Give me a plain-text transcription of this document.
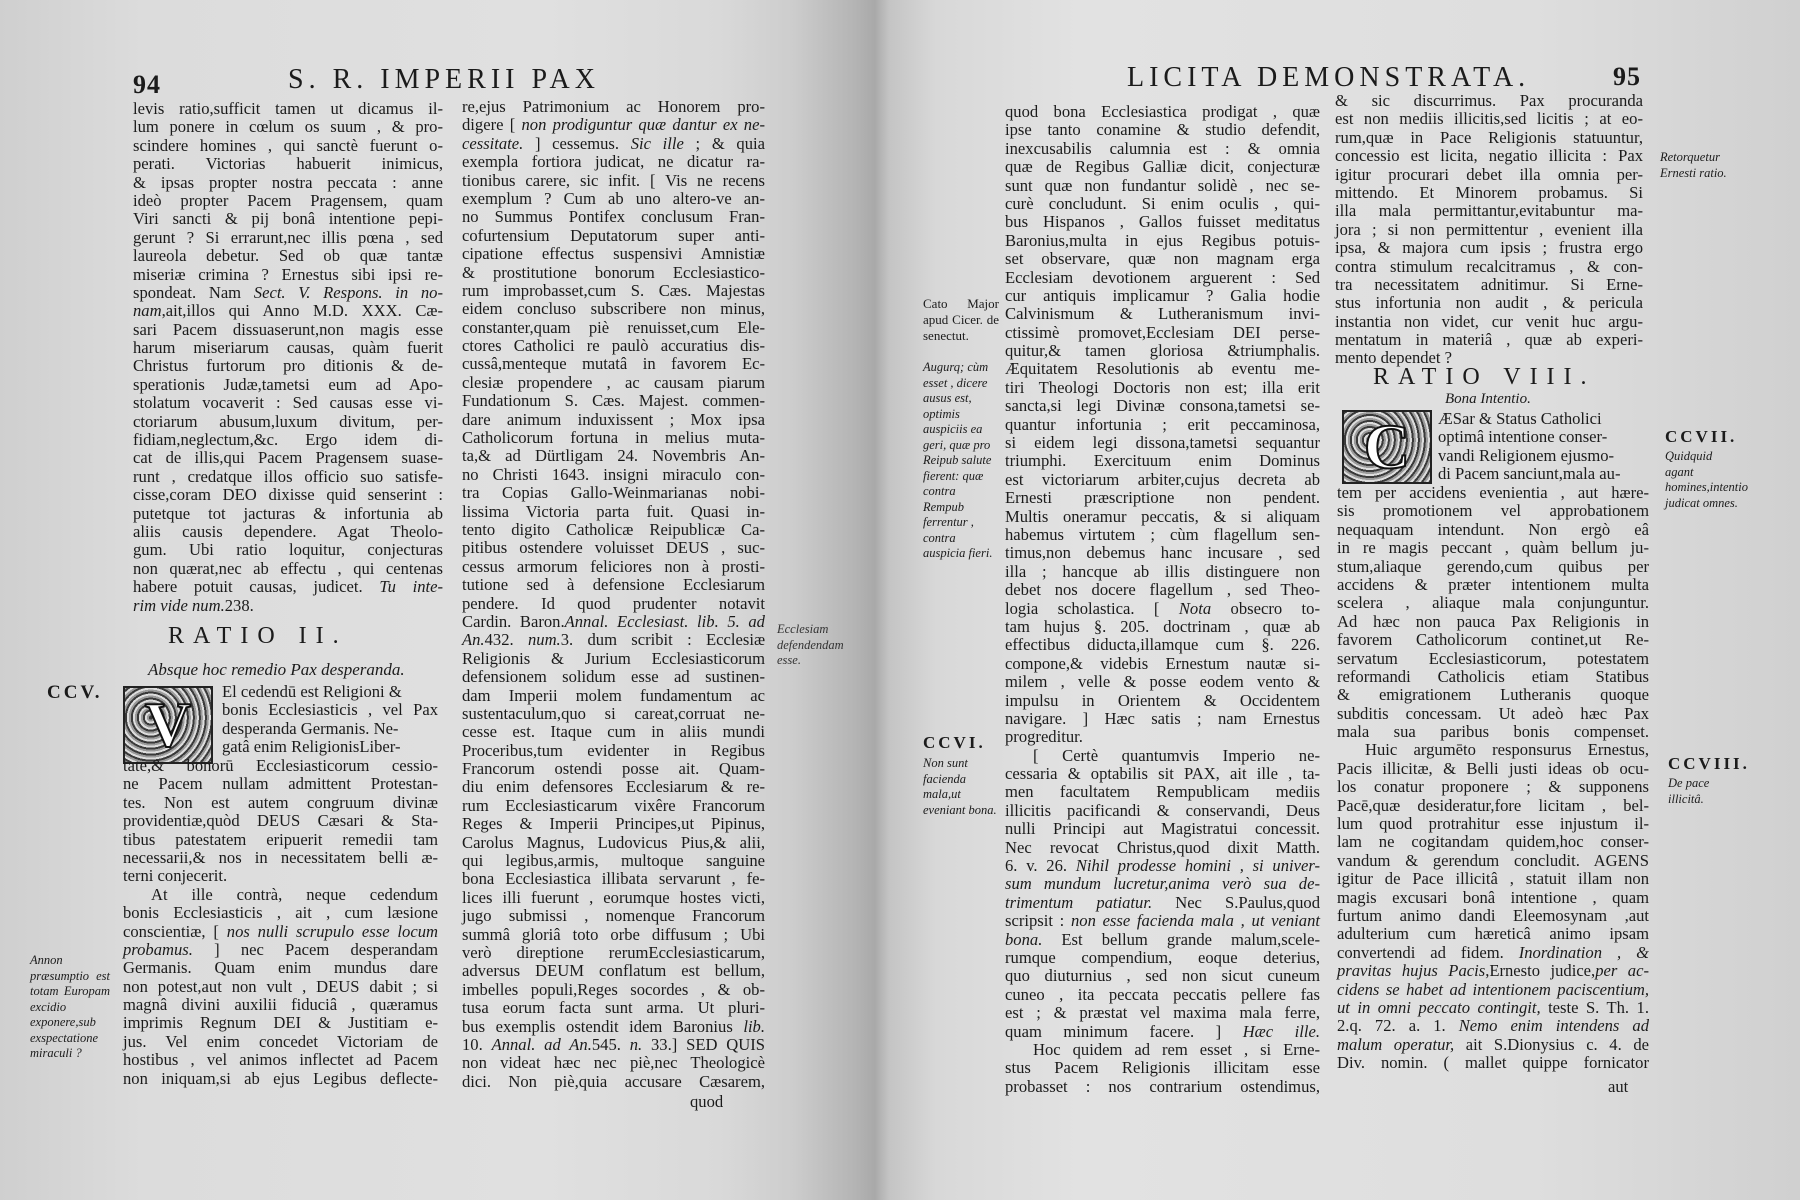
94	S. R. IMPERII PAX
levis ratio,sufficit tamen ut dicamus il-
lum ponere in cœlum os suum , & pro-
scindere homines , qui sanctè fuerunt o-
perati. Victorias habuerit inimicus,
& ipsas propter nostra peccata : anne
ideò propter Pacem Pragensem, quam
Viri sancti & pij bonâ intentione pepi-
gerunt ? Si errarunt,nec illis pœna , sed
laureola debetur. Sed ob quæ tantæ
miseriæ crimina ? Ernestus sibi ipsi re-
spondeat. Nam Sect. V. Respons. in no-
nam,ait,illos qui Anno M.D. XXX. Cæ-
sari Pacem dissuaserunt,non magis esse
harum miseriarum causas, quàm fuerit
Christus furtorum pro ditionis & de-
sperationis Judæ,tametsi eum ad Apo-
stolatum vocaverit : Sed causas esse vi-
ctoriarum abusum,luxum divitum, per-
fidiam,neglectum,&c. Ergo idem di-
cat de illis,qui Pacem Pragensem suase-
runt , credatque illos officio suo satisfe-
cisse,coram DEO dixisse quid senserint :
putetque tot jacturas & infortunia ab
aliis causis dependere. Agat Theolo-
gum. Ubi ratio loquitur, conjecturas
non quærat,nec ab effectu , qui centenas
habere potuit causas, judicet. Tu inte-
rim vide num.238.
RATIO II.
Absque hoc remedio Pax desperanda.
CCV. V El cedendū est Religioni &
bonis Ecclesiasticis , vel Pax
desperanda Germanis. Ne-
gatâ enim ReligionisLiber-
tate,& bonorū Ecclesiasticorum cessio-
ne Pacem nullam admittent Protestan-
tes. Non est autem congruum divinæ
providentiæ,quòd DEUS Cæsari & Sta-
tibus patestatem eripuerit remedii tam
necessarii,& nos in necessitatem belli æ-
terni conjecerit.
At ille contrà, neque cedendum
bonis Ecclesiasticis , ait , cum læsione
conscientiæ, [ nos nulli scrupulo esse locum
probamus. ] nec Pacem desperandam
Germanis. Quam enim mundus dare
non potest,aut non vult , DEUS dabit ; si
magnâ divini auxilii fiduciâ , quæramus
imprimis Regnum DEI & Justitiam e-
jus. Vel enim concedet Victoriam de
hostibus , vel animos inflectet ad Pacem
non iniquam,si ab ejus Legibus deflecte-
re,ejus Patrimonium ac Honorem pro-
digere [ non prodiguntur quæ dantur ex ne-
cessitate. ] cessemus. Sic ille ; & quia
exempla fortiora judicat, ne dicatur ra-
tionibus carere, sic infit. [ Vis ne recens
exemplum ? Cum ab uno altero-ve an-
no Summus Pontifex conclusum Fran-
cofurtensium Deputatorum super anti-
cipatione effectus suspensivi Amnistiæ
& prostitutione bonorum Ecclesiastico-
rum improbasset,cum S. Cæs. Majestas
eidem concluso subscribere non minus,
constanter,quam piè renuisset,cum Ele-
ctores Catholici re paulò accuratius dis-
cussâ,menteque mutatâ in favorem Ec-
clesiæ propendere , ac causam piarum
Fundationum S. Cæs. Majest. commen-
dare animum induxissent ; Mox ipsa
Catholicorum fortuna in melius muta-
ta,& ad Dürtligam 24. Novembris An-
no Christi 1643. insigni miraculo con-
tra Copias Gallo-Weinmarianas nobi-
lissima Victoria parta fuit. Quasi in-
tento digito Catholicæ Reipublicæ Ca-
pitibus ostendere voluisset DEUS , suc-
cessus armorum feliciores non à prosti-
tutione sed à defensione Ecclesiarum
pendere. Id quod prudenter notavit
Cardin. Baron.Annal. Ecclesiast. lib. 5. ad
An.432. num.3. dum scribit : Ecclesiæ
Religionis & Jurium Ecclesiasticorum
defensionem solidum esse ad sustinen-
dam Imperii molem fundamentum ac
sustentaculum,quo si careat,corruat ne-
cesse est. Itaque cum in aliis mundi
Proceribus,tum evidenter in Regibus
Francorum ostendi posse ait. Quam-
diu enim defensores Ecclesiarum & re-
rum Ecclesiasticarum vixêre Francorum
Reges & Imperii Principes,ut Pipinus,
Carolus Magnus, Ludovicus Pius,& alii,
qui legibus,armis, multoque sanguine
bona Ecclesiastica illibata servarunt , fe-
lices illi fuerunt , eorumque hostes victi,
jugo submissi , nomenque Francorum
summâ gloriâ toto orbe diffusum ; Ubi
verò direptione rerumEcclesiasticarum,
adversus DEUM conflatum est bellum,
imbelles populi,Reges socordes , & ob-
tusa eorum facta sunt arma. Ut pluri-
bus exemplis ostendit idem Baronius lib.
10. Annal. ad An.545. n. 33.] SED QUIS
non videat hæc nec piè,nec Theologicè
dici. Non piè,quia accusare Cæsarem,
quod
Ecclesiam defendendam esse.
Annon præsumptio est totam Europam excidio exponere,sub exspectatione miraculi ?
LICITA DEMONSTRATA.	95
quod bona Ecclesiastica prodigat , quæ
ipse tanto conamine & studio defendit,
inexcusabilis calumnia est : & omnia
quæ de Regibus Galliæ dicit, conjecturæ
sunt quæ non fundantur solidè , nec se-
curè concludunt. Si enim oculis , qui-
bus Hispanos , Gallos fuisset meditatus
Baronius,multa in ejus Regibus potuis-
set observare, quæ non magnam erga
Ecclesiam devotionem arguerent : Sed
cur antiquis implicamur ? Galia hodie
Calvinismum & Lutheranismum invi-
ctissimè promovet,Ecclesiam DEI perse-
quitur,& tamen gloriosa &triumphalis.
Æquitatem Resolutionis ab eventu me-
tiri Theologi Doctoris non est; illa erit
sancta,si legi Divinæ consona,tametsi se-
quantur infortunia ; erit peccaminosa,
si eidem legi dissona,tametsi sequantur
triumphi. Exercituum enim Dominus
est victoriarum arbiter,cujus decreta ab
Ernesti præscriptione non pendent.
Multis oneramur peccatis, & si aliquam
habemus virtutem ; cùm flagellum sen-
timus,non debemus hanc incusare , sed
illa ; hancque ab illis distinguere non
debet nos docere flagellum , sed Theo-
logia scholastica. [ Nota obsecro to-
tam hujus §. 205. doctrinam , quæ ab
effectibus diducta,illamque cum §. 226.
compone,& videbis Ernestum nautæ si-
milem , velle & posse eodem vento &
impulsu in Orientem & Occidentem
navigare. ] Hæc satis ; nam Ernestus
progreditur.
[ Certè quantumvis Imperio ne-
cessaria & optabilis sit PAX, ait ille , ta-
men facultatem Rempublicam mediis
illicitis pacificandi & conservandi, Deus
nulli Principi aut Magistratui concessit.
Nec revocat Christus,quod dixit Matth.
6. v. 26. Nihil prodesse homini , si univer-
sum mundum lucretur,anima verò sua de-
trimentum patiatur. Nec S.Paulus,quod
scripsit : non esse facienda mala , ut veniant
bona. Est bellum grande malum,scele-
rumque compendium, eoque deterius,
quo diuturnius , sed non sicut cuneum
cuneo , ita peccata peccatis pellere fas
est ; & præstat vel maxima mala ferre,
quam minimum facere. ] Hæc ille.
Hoc quidem ad rem esset , si Erne-
stus Pacem Religionis illicitam esse
probasset : nos contrarium ostendimus,
& sic discurrimus. Pax procuranda
est non mediis illicitis,sed licitis ; at eo-
rum,quæ in Pace Religionis statuuntur,
concessio est licita, negatio illicita : Pax
igitur procurari debet illa omnia per-
mittendo. Et Minorem probamus. Si
illa mala permittantur,evitabuntur ma-
jora ; si non permittentur , evenient illa
ipsa, & majora cum ipsis ; frustra ergo
contra stimulum recalcitramus , & con-
tra necessitatem adnitimur. Si Erne-
stus infortunia non audit , & pericula
instantia non videt, cur venit huc argu-
mentatum in materiâ , quæ ab experi-
mento dependet ?
RATIO VIII.
Bona Intentio.
C ÆSar & Status Catholici
optimâ intentione conser-
vandi Religionem ejusmo-
di Pacem sanciunt,mala au-
tem per accidens evenientia , aut hære-
sis promotionem vel approbationem
nequaquam intendunt. Non ergò eâ
in re magis peccant , quàm bellum ju-
stum,aliaque gerendo,cum quibus per
accidens & præter intentionem multa
scelera , aliaque mala conjunguntur.
Ad hæc non pauca Pax Religionis in
favorem Catholicorum continet,ut Re-
servatum Ecclesiasticorum, potestatem
reformandi Catholicis etiam Statibus
& emigrationem Lutheranis quoque
subditis concessam. Ut adeò hæc Pax
mala sua paribus bonis compenset.
Huic argumēto responsurus Ernestus,
Pacis illicitæ, & Belli justi ideas ob ocu-
los conatur proponere ; & supponens
Pacē,quæ desideratur,fore licitam , bel-
lum quod protrahitur esse injustum il-
lam ne cogitandam quidem,hoc conser-
vandum & gerendum concludit. AGENS
igitur de Pace illicitâ , statuit illam non
magis excusari bonâ intentione , quam
furtum animo dandi Eleemosynam ,aut
adulterium cum hæreticâ animo ipsam
convertendi ad fidem. Inordination , &
pravitas hujus Pacis,Ernesto judice,per ac-
cidens se habet ad intentionem paciscentium,
ut in omni peccato contingit, teste S. Th. 1.
2.q. 72. a. 1. Nemo enim intendens ad
malum operatur, ait S.Dionysius c. 4. de
Div. nomin. ( mallet quippe fornicator
aut
Cato Major apud Cicer. de senectut.
Augurq; cùm esset , dicere ausus est, optimis auspiciis ea geri, quæ pro Reipub salute fierent: quæ contra Rempub ferrentur , contra auspicia fieri.
CCVI.
Non sunt facienda mala,ut eveniant bona.
Retorquetur Ernesti ratio.
CCVII.
Quidquid agant homines,intentio judicat omnes.
CCVIII.
De pace illicitâ.
